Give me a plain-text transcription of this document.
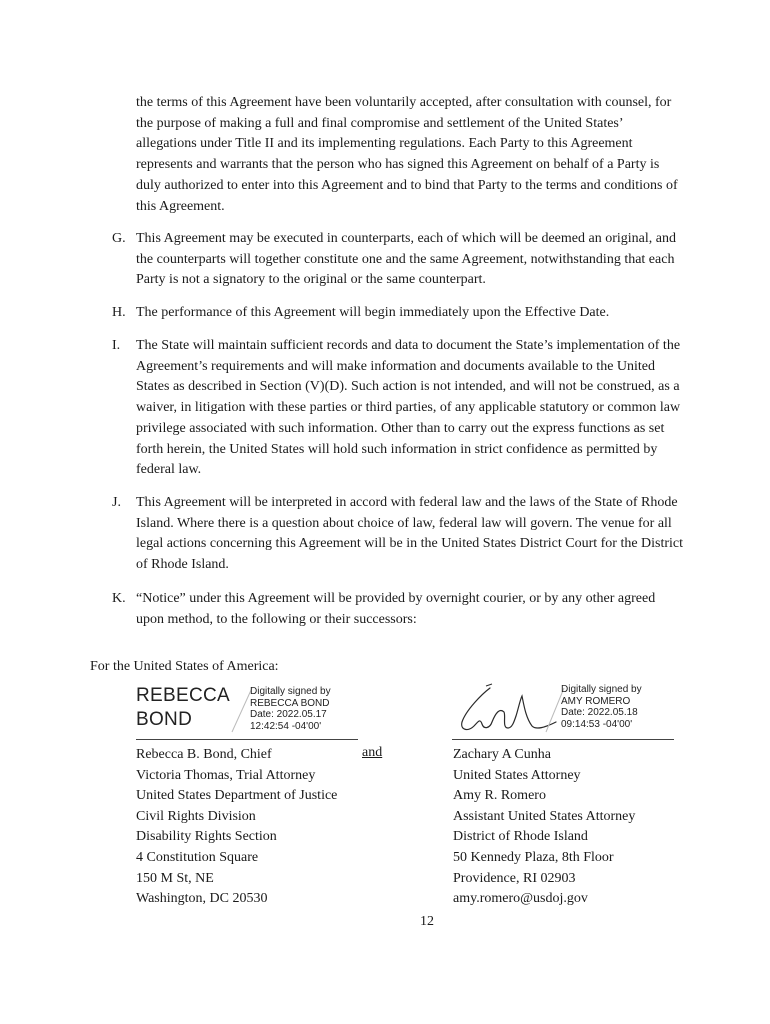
the terms of this Agreement have been voluntarily accepted, after consultation with counsel, for the purpose of making a full and final compromise and settlement of the United States’ allegations under Title II and its implementing regulations. Each Party to this Agreement represents and warrants that the person who has signed this Agreement on behalf of a Party is duly authorized to enter into this Agreement and to bind that Party to the terms and conditions of this Agreement.
G. This Agreement may be executed in counterparts, each of which will be deemed an original, and the counterparts will together constitute one and the same Agreement, notwithstanding that each Party is not a signatory to the original or the same counterpart.
H. The performance of this Agreement will begin immediately upon the Effective Date.
I.	The State will maintain sufficient records and data to document the State’s implementation of the Agreement’s requirements and will make information and documents available to the United States as described in Section (V)(D). Such action is not intended, and will not be construed, as a waiver, in litigation with these parties or third parties, of any applicable statutory or common law privilege associated with such information. Other than to carry out the express functions as set forth herein, the United States will hold such information in strict confidence as permitted by federal law.
J.	This Agreement will be interpreted in accord with federal law and the laws of the State of Rhode Island. Where there is a question about choice of law, federal law will govern. The venue for all legal actions concerning this Agreement will be in the United States District Court for the District of Rhode Island.
K. “Notice” under this Agreement will be provided by overnight courier, or by any other agreed upon method, to the following or their successors:
For the United States of America:
REBECCA
BOND
Digitally signed by
REBECCA BOND
Date: 2022.05.17
12:42:54 -04'00'
Digitally signed by
AMY ROMERO
Date: 2022.05.18
09:14:53 -04'00'
and
Rebecca B. Bond, Chief
Victoria Thomas, Trial Attorney
United States Department of Justice
Civil Rights Division
Disability Rights Section
4 Constitution Square
150 M St, NE
Washington, DC 20530
Zachary A Cunha
United States Attorney
Amy R. Romero
Assistant United States Attorney
District of Rhode Island
50 Kennedy Plaza, 8th Floor
Providence, RI 02903
amy.romero@usdoj.gov
12
